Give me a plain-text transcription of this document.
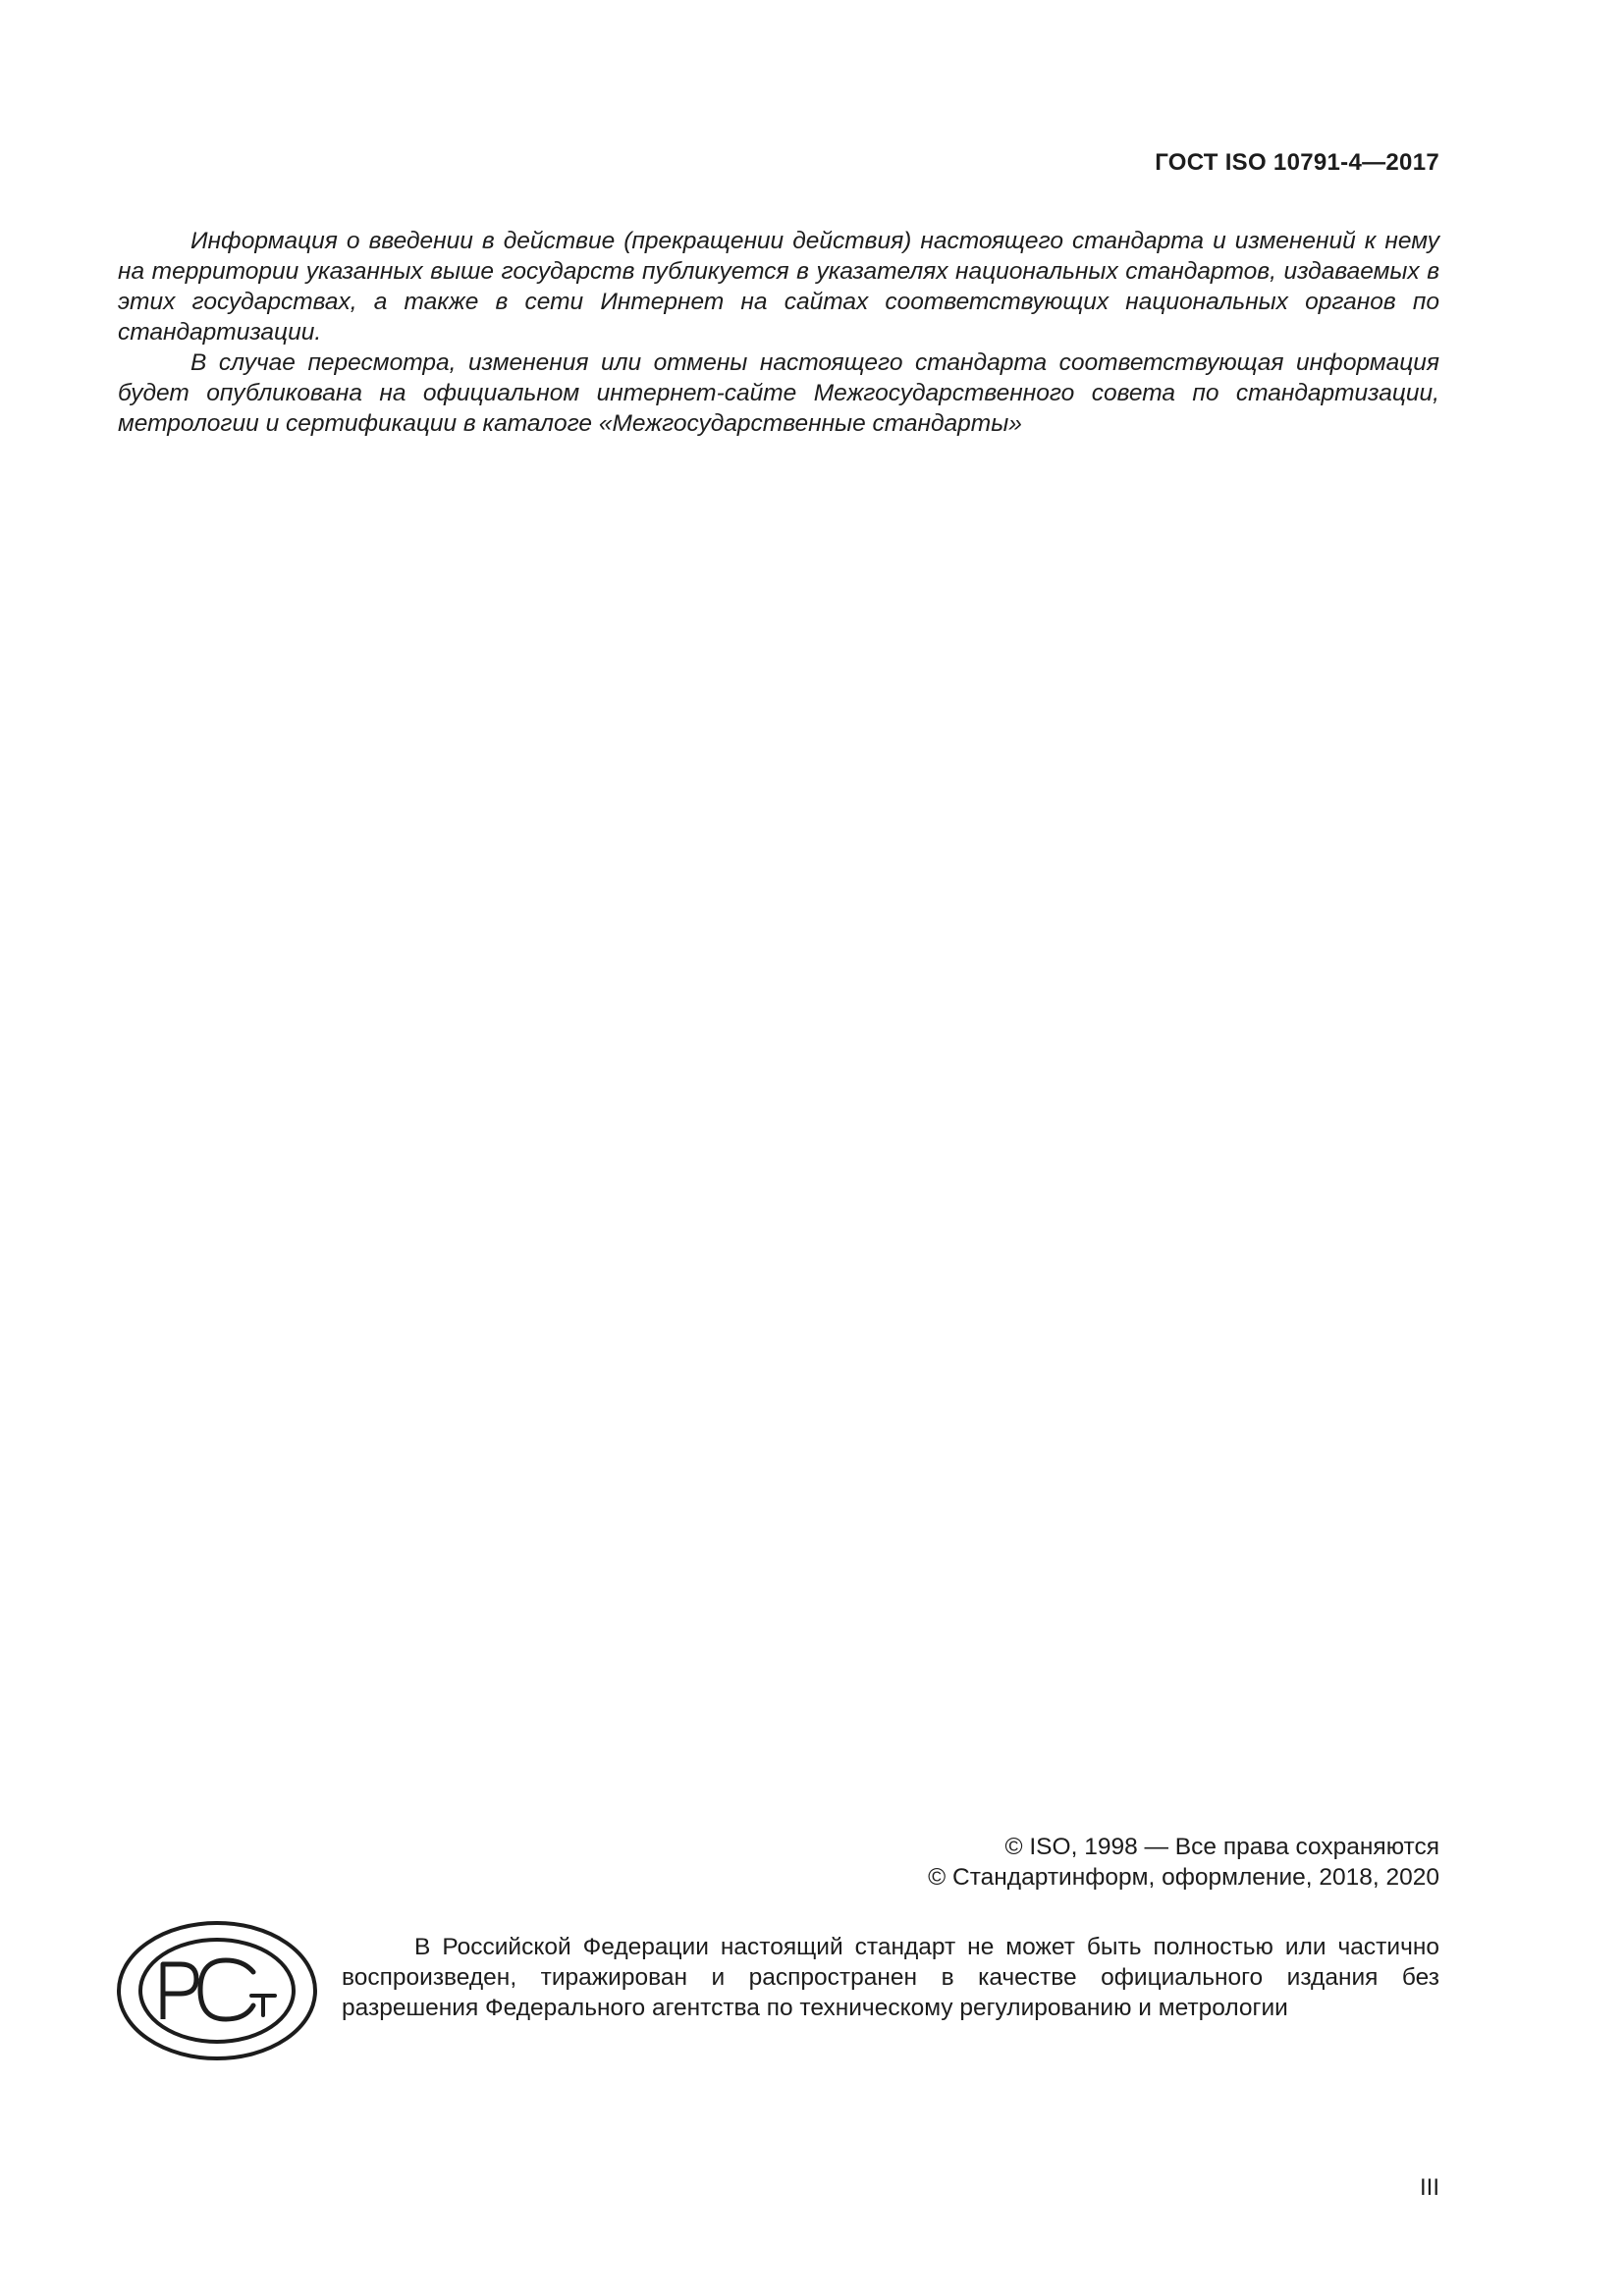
ГОСТ ISO 10791-4—2017

Информация о введении в действие (прекращении действия) настоящего стандарта и изменений к нему на территории указанных выше государств публикуется в указателях национальных стандартов, издаваемых в этих государствах, а также в сети Интернет на сайтах соответствующих национальных органов по стандартизации.

В случае пересмотра, изменения или отмены настоящего стандарта соответствующая информация будет опубликована на официальном интернет-сайте Межгосударственного совета по стандартизации, метрологии и сертификации в каталоге «Межгосударственные стандарты»

© ISO, 1998 — Все права сохраняются
© Стандартинформ, оформление, 2018, 2020
В Российской Федерации настоящий стандарт не может быть полностью или частично воспроизведен, тиражирован и распространен в качестве официального издания без разрешения Федерального агентства по техническому регулированию и метрологии
III
